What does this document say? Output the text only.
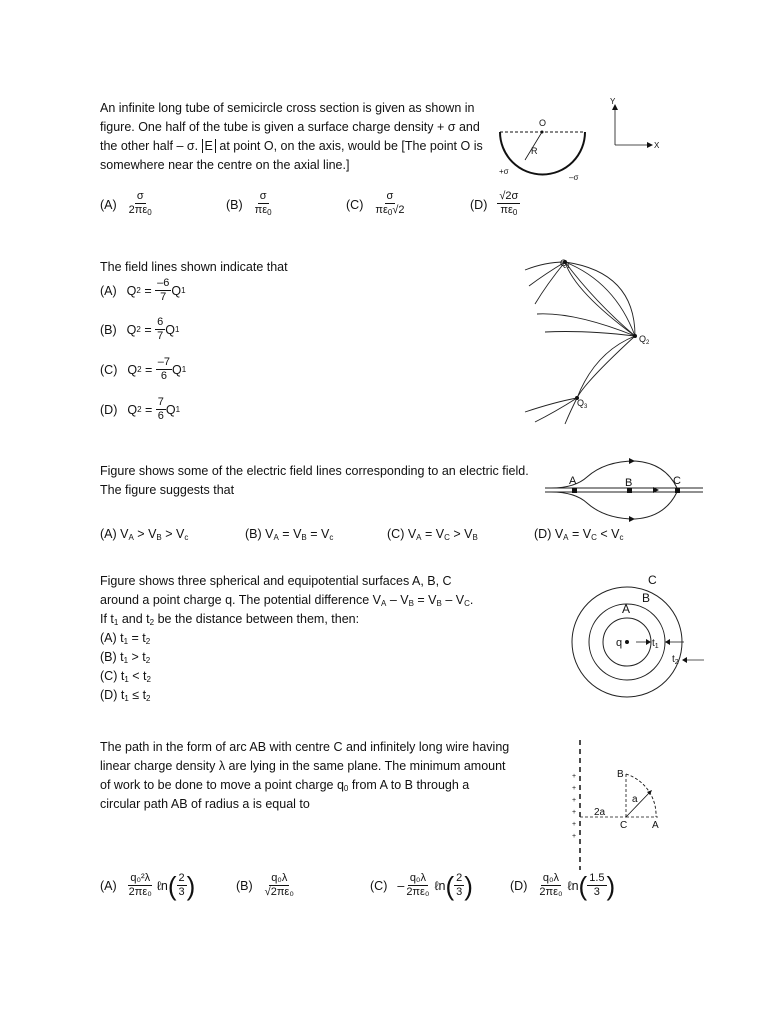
An infinite long tube of semicircle cross section is given as shown in figure. One half of the tube is given a surface charge density + σ and the other half – σ. E at point O, on the axis, would be [The point O is somewhere near the centre on the axial line.]
$(A) \frac{\sigma}{2\pi\varepsilon_0}$	$(B) \frac{\sigma}{\pi\varepsilon_0}$	$(C) \frac{\sigma}{\pi\varepsilon_0√2}$	$(D) \frac{√2\sigma}{\pi\varepsilon_0}$
O
R
+σ
–σ
Y
X
The field lines shown indicate that
(A) Q $2 = \frac{-6}{7}$ Q 1
(B) Q $2 = \frac{6}{7}$ Q 1
(C) Q $2 = \frac{-7}{6}$ Q 1
(D) Q $2 = \frac{7}{6}$ Q 1
$Q_1$
$Q_2$
$Q_3$
Figure shows some of the electric field lines corresponding to an electric field. The figure suggests that
(A) $V_A > V_B > V_c$	(B) $V_A = V_B = V_c$	(C) $V_A = V_C > V_B$	(D) $V_A = V_C < V_c$
A	B	C
Figure shows three spherical and equipotential surfaces A, B, C
around a point charge q. The potential difference $V_A - V_B = V_B - V_C$.
If $t_1$ and $t_2$ be the distance between them, then:
(A) $t_1 = t_2$
(B) $t_1 > t_2$
(C) $t_1 < t_2$
(D) $t_1 \le t_2$
q	$t_1$
$t_2$
A
B
C
The path in the form of arc AB with centre C and infinitely long wire having
linear charge density λ are lying in the same plane. The minimum amount
of work to be done to move a point charge $q_0$ from A to B through a
circular path AB of radius a is equal to
$(A) \frac{\text{q₀²λ}}{\text{2πε₀}}$ ℓn ( $\frac{2}{3}$ )	$(B) \frac{\text{q₀λ}}{\text{√2πε₀}}$	$(C) - \frac{\text{q₀λ}}{\text{2πε₀}}$ ℓn ( $\frac{2}{3}$ )	$(D) \frac{\text{q₀λ}}{\text{2πε₀}}$ ℓn ( $\frac{1.5}{3}$ )
+
+
+
+
+
+
B
a
2a
C A
